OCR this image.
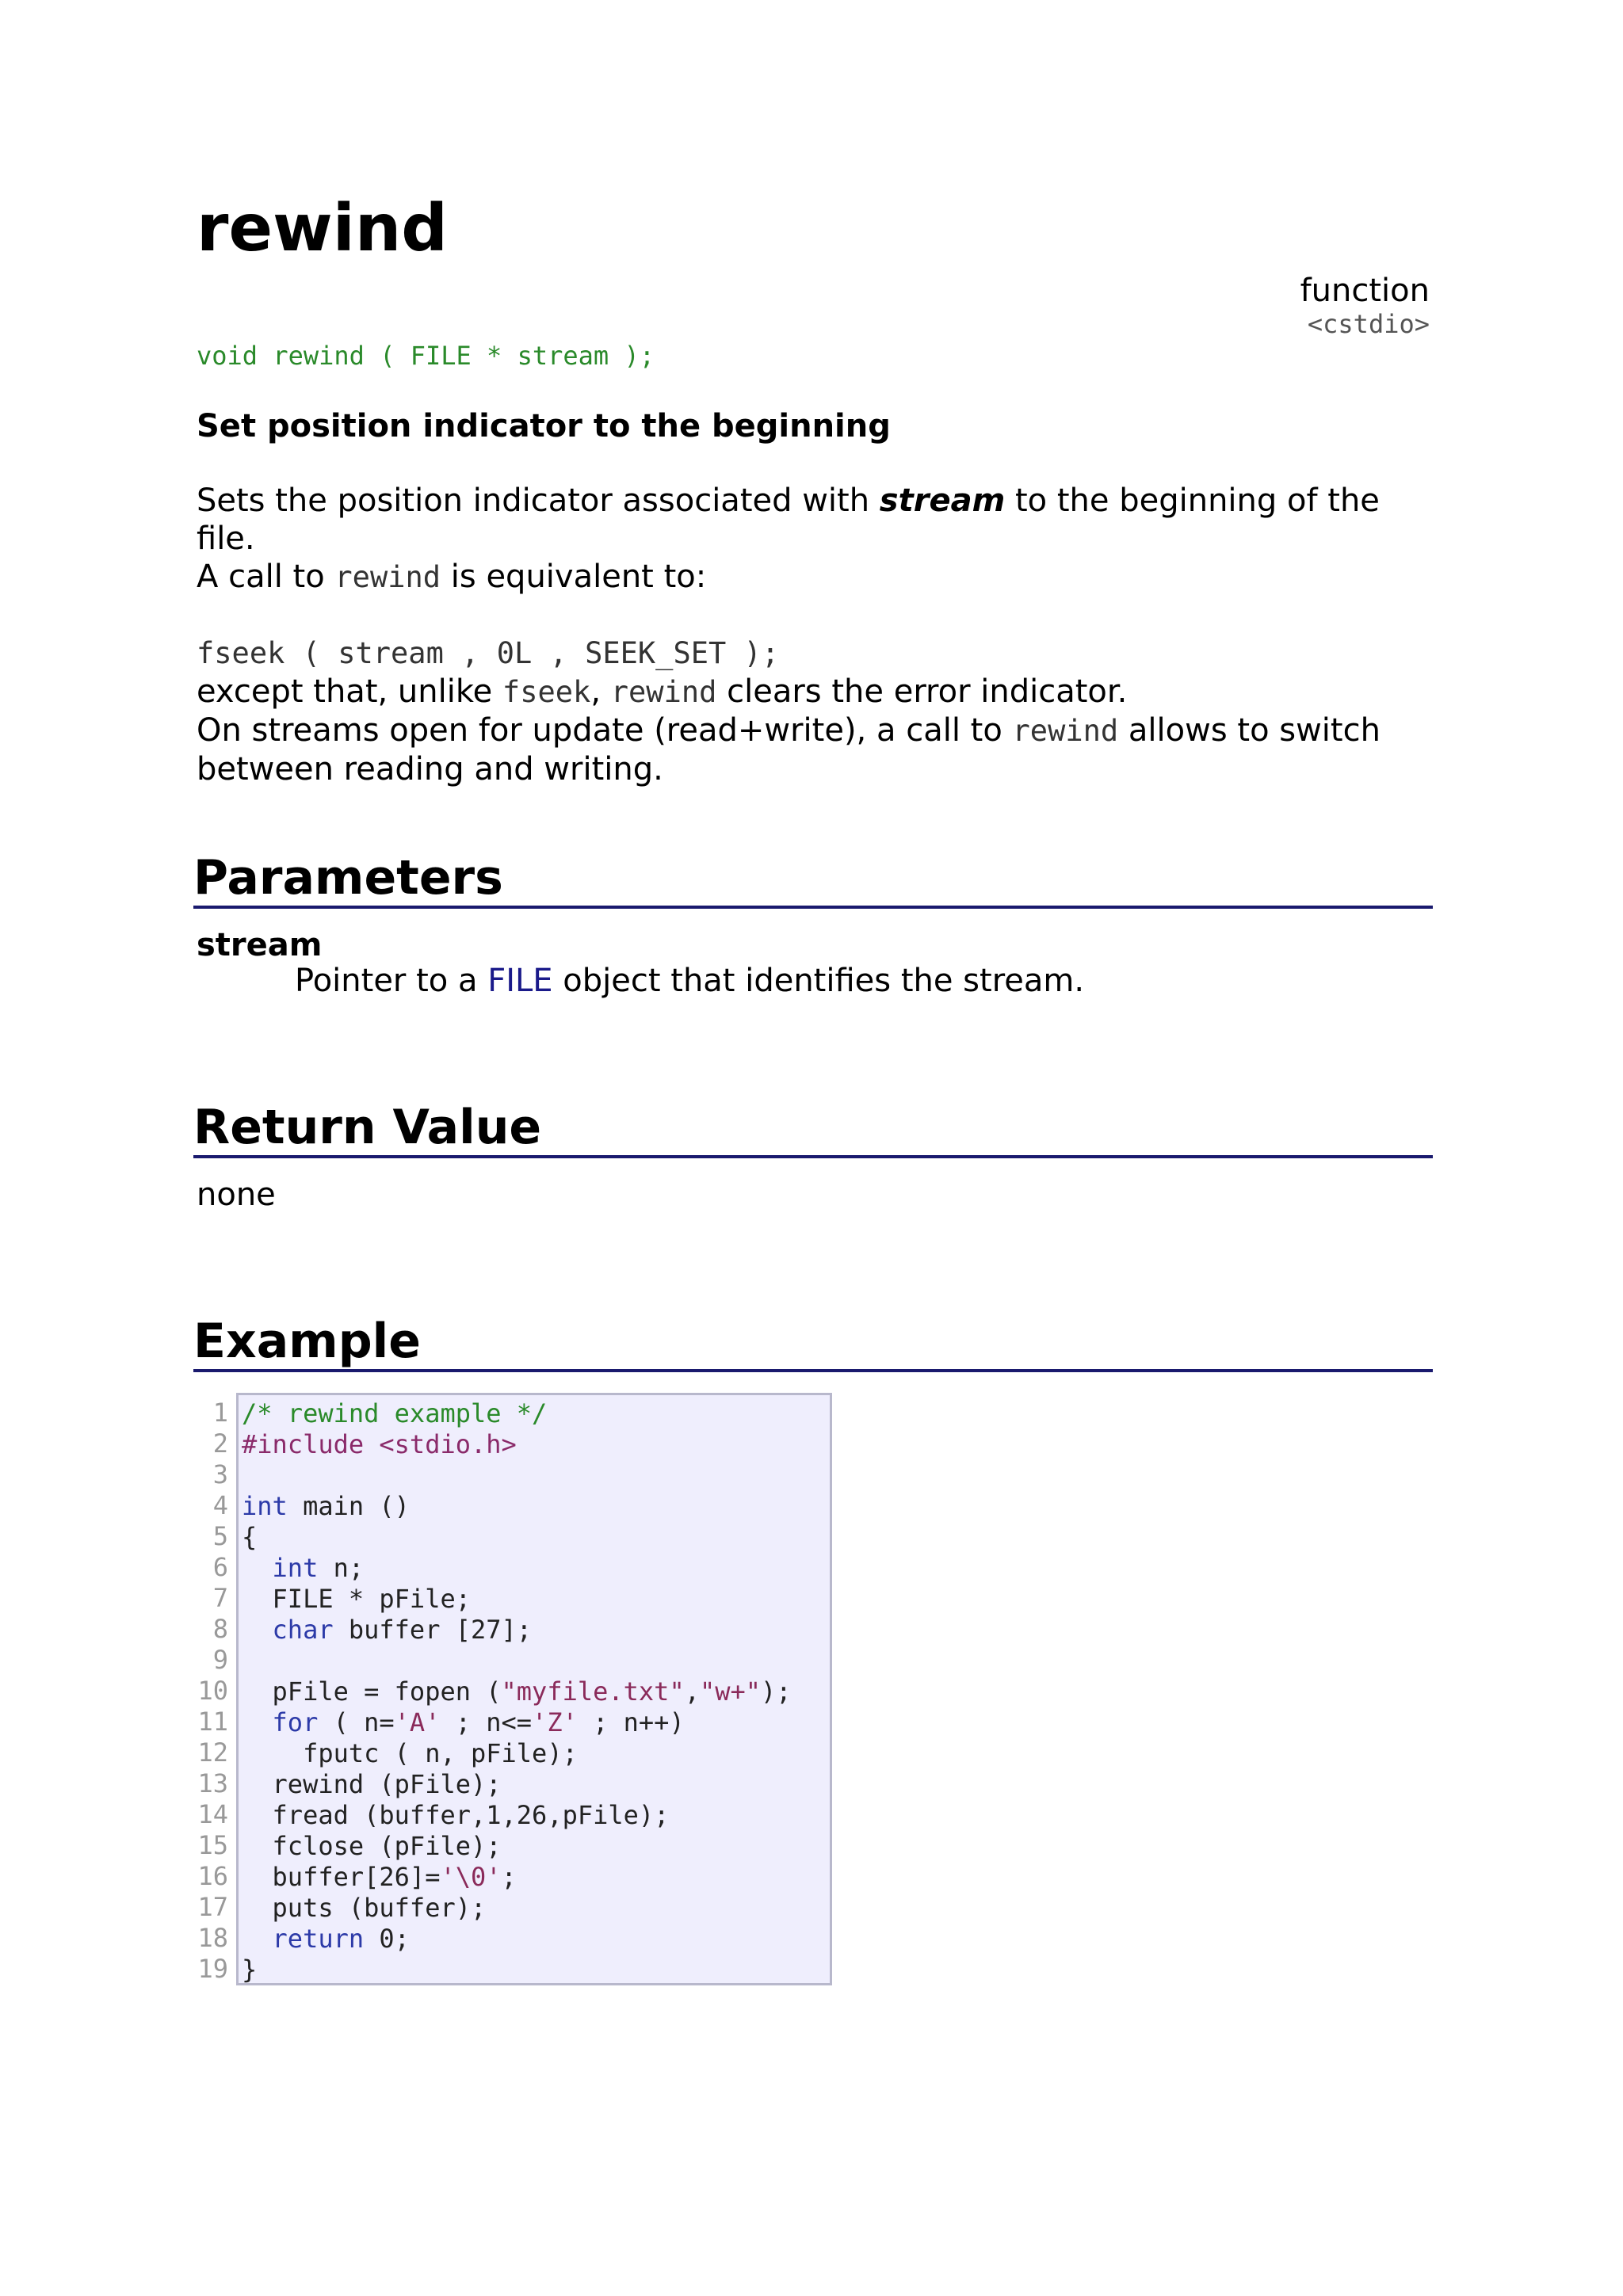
rewind
function
<cstdio>
void rewind ( FILE * stream );
Set position indicator to the beginning

Sets the position indicator associated with stream to the beginning of the file.

A call to rewind is equivalent to:

fseek ( stream , 0L , SEEK_SET );

except that, unlike fseek, rewind clears the error indicator.

On streams open for update (read+write), a call to rewind allows to switch between reading and writing.

Parameters
stream
Pointer to a FILE object that identifies the stream.
Return Value
none
Example
1
2
3
4
5
6
7
8
9
10
11
12
13
14
15
16
17
18
19
/* rewind example */
#include <stdio.h>

int main ()
{
int n;
FILE * pFile;
char buffer [27];

pFile = fopen ("myfile.txt","w+");
for ( n='A' ; n<='Z' ; n++)
fputc ( n, pFile);
rewind (pFile);
fread (buffer,1,26,pFile);
fclose (pFile);
buffer[26]='\0';
puts (buffer);
return 0;
}
